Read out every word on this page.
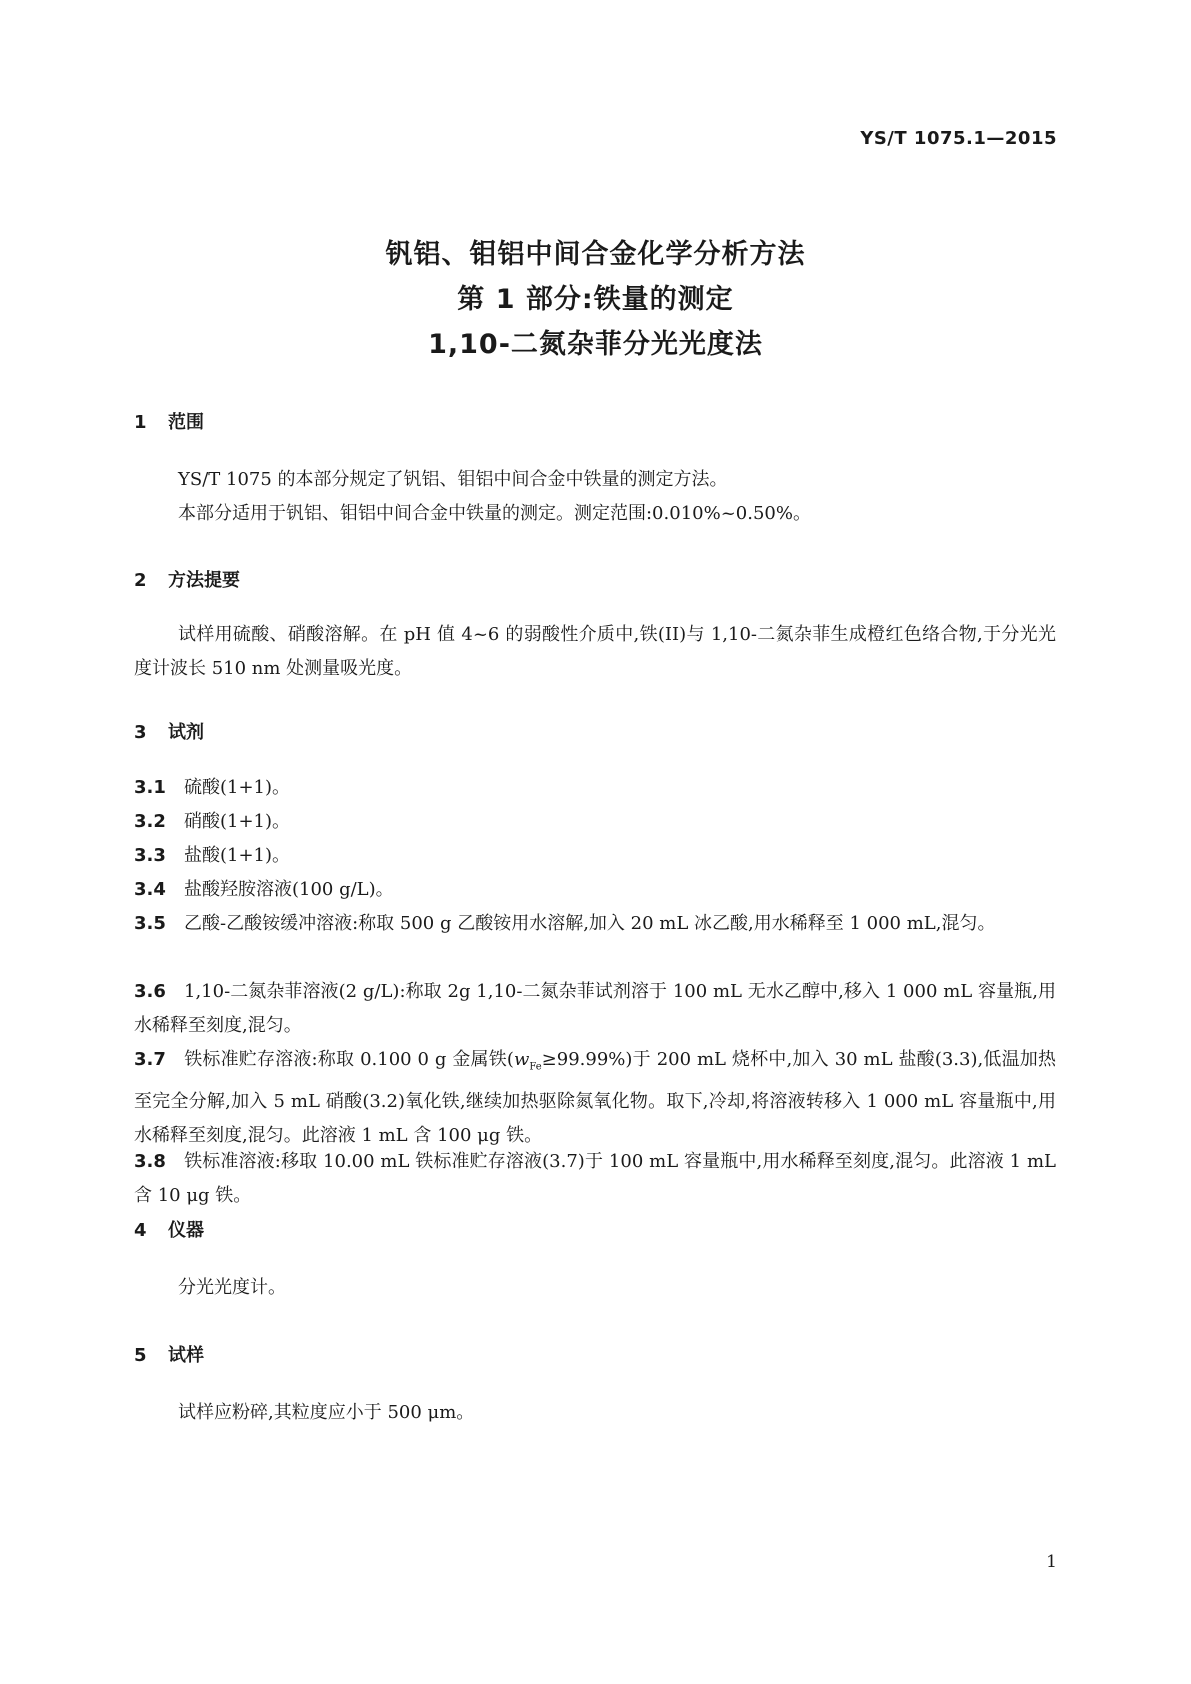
YS/T 1075.1—2015
钒铝、钼铝中间合金化学分析方法
第 1 部分:铁量的测定
1,10-二氮杂菲分光光度法
1 范围
YS/T 1075 的本部分规定了钒铝、钼铝中间合金中铁量的测定方法。
本部分适用于钒铝、钼铝中间合金中铁量的测定。测定范围:0.010%~0.50%。
2 方法提要
试样用硫酸、硝酸溶解。在 pH 值 4~6 的弱酸性介质中,铁(II)与 1,10-二氮杂菲生成橙红色络合物,于分光光度计波长 510 nm 处测量吸光度。
3 试剂
3.1 硫酸(1+1)。
3.2 硝酸(1+1)。
3.3 盐酸(1+1)。
3.4 盐酸羟胺溶液(100 g/L)。
3.5 乙酸-乙酸铵缓冲溶液:称取 500 g 乙酸铵用水溶解,加入 20 mL 冰乙酸,用水稀释至 1 000 mL,混匀。
3.6 1,10-二氮杂菲溶液(2 g/L):称取 2g 1,10-二氮杂菲试剂溶于 100 mL 无水乙醇中,移入 1 000 mL 容量瓶,用水稀释至刻度,混匀。
3.7 铁标准贮存溶液:称取 0.100 0 g 金属铁$(w_{Fe}\ge 99.99\%)$于 200 mL 烧杯中,加入 30 mL 盐酸(3.3),低温加热至完全分解,加入 5 mL 硝酸(3.2)氧化铁,继续加热驱除氮氧化物。取下,冷却,将溶液转移入 1 000 mL 容量瓶中,用水稀释至刻度,混匀。此溶液 1 mL 含 100 μg 铁。
3.8 铁标准溶液:移取 10.00 mL 铁标准贮存溶液(3.7)于 100 mL 容量瓶中,用水稀释至刻度,混匀。此溶液 1 mL 含 10 μg 铁。
4 仪器
分光光度计。
5 试样
试样应粉碎,其粒度应小于 500 μm。
1
